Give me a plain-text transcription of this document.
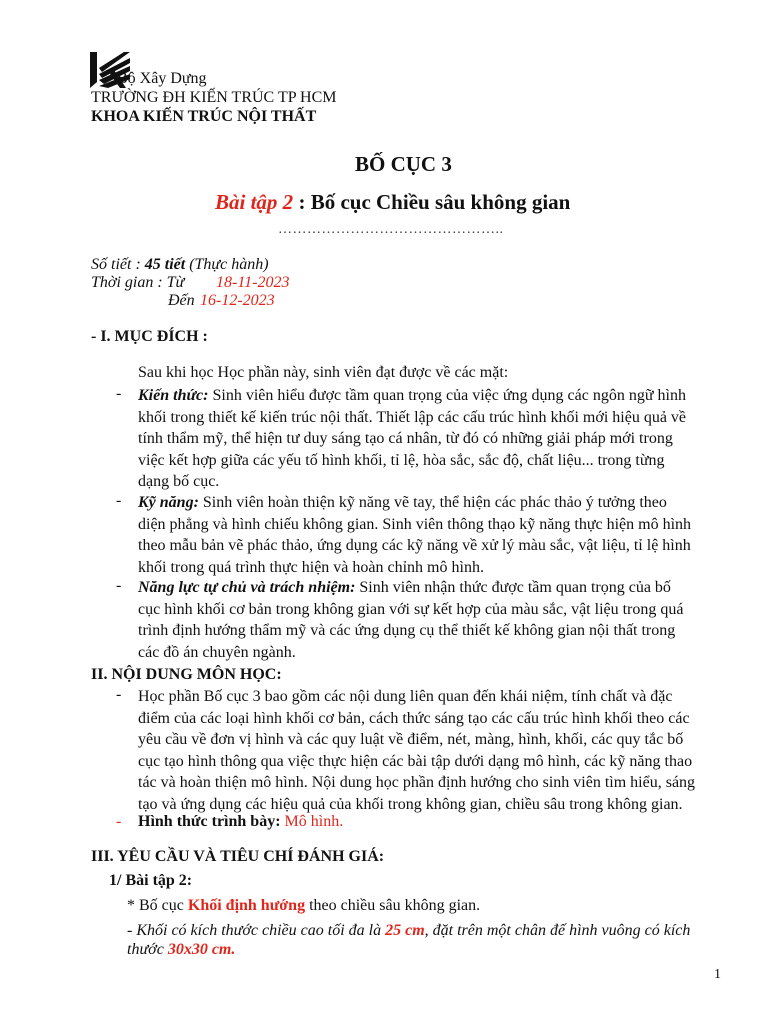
Bộ Xây Dựng
TRƯỜNG ĐH KIẾN TRÚC TP HCM
KHOA KIẾN TRÚC NỘI THẤT
BỐ CỤC 3
Bài tập 2 : Bố cục Chiều sâu không gian
………………………………………..
Số tiết : 45 tiết (Thực hành)
Thời gian : Từ 18-11-2023
Đến 16-12-2023
- I. MỤC ĐÍCH :
Sau khi học Học phần này, sinh viên đạt được về các mặt:
- Kiến thức: Sinh viên hiểu được tầm quan trọng của việc ứng dụng các ngôn ngữ hình
khối trong thiết kế kiến trúc nội thất. Thiết lập các cấu trúc hình khối mới hiệu quả về
tính thẩm mỹ, thể hiện tư duy sáng tạo cá nhân, từ đó có những giải pháp mới trong
việc kết hợp giữa các yếu tố hình khối, tỉ lệ, hòa sắc, sắc độ, chất liệu... trong từng
dạng bố cục.
- Kỹ năng: Sinh viên hoàn thiện kỹ năng vẽ tay, thể hiện các phác thảo ý tưởng theo
diện phẳng và hình chiếu không gian. Sinh viên thông thạo kỹ năng thực hiện mô hình
theo mẫu bản vẽ phác thảo, ứng dụng các kỹ năng về xử lý màu sắc, vật liệu, tỉ lệ hình
khối trong quá trình thực hiện và hoàn chỉnh mô hình.
- Năng lực tự chủ và trách nhiệm: Sinh viên nhận thức được tầm quan trọng của bố
cục hình khối cơ bản trong không gian với sự kết hợp của màu sắc, vật liệu trong quá
trình định hướng thẩm mỹ và các ứng dụng cụ thể thiết kế không gian nội thất trong
các đồ án chuyên ngành.
II. NỘI DUNG MÔN HỌC:
- Học phần Bố cục 3 bao gồm các nội dung liên quan đến khái niệm, tính chất và đặc
điểm của các loại hình khối cơ bản, cách thức sáng tạo các cấu trúc hình khối theo các
yêu cầu về đơn vị hình và các quy luật về điểm, nét, màng, hình, khối, các quy tắc bố
cục tạo hình thông qua việc thực hiện các bài tập dưới dạng mô hình, các kỹ năng thao
tác và hoàn thiện mô hình. Nội dung học phần định hướng cho sinh viên tìm hiểu, sáng
tạo và ứng dụng các hiệu quả của khối trong không gian, chiều sâu trong không gian.
- Hình thức trình bày: Mô hình.
III. YÊU CẦU VÀ TIÊU CHÍ ĐÁNH GIÁ:
1/ Bài tập 2:
* Bố cục Khối định hướng theo chiều sâu không gian.
- Khối có kích thước chiều cao tối đa là 25 cm, đặt trên một chân đế hình vuông có kích
thước 30x30 cm.
1
